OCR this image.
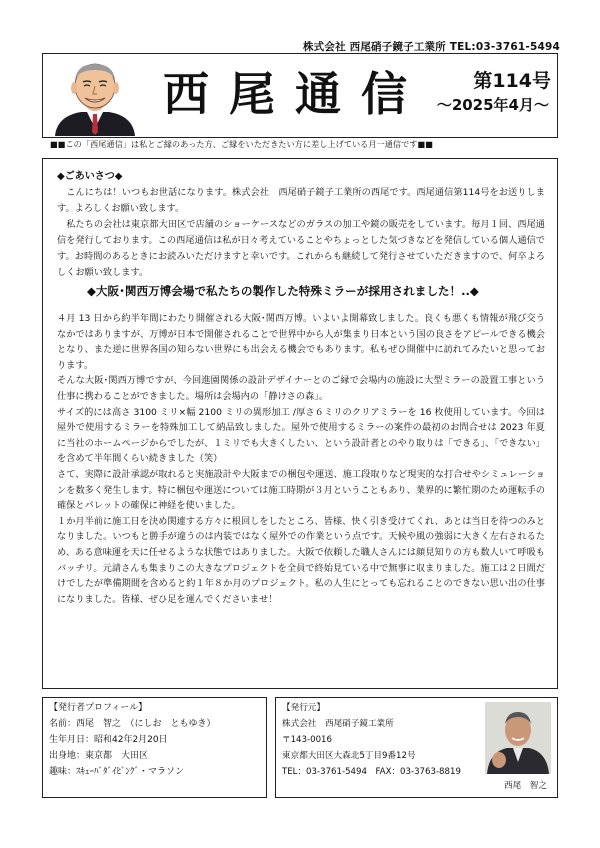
株式会社 西尾硝子鏡子工業所 TEL:03-3761-5494
西尾通信 第114号
～2025年4月～
■■この「西尾通信」は私とご縁のあった方、ご縁をいただきたい方に差し上げている月一通信です■■
◆ごあいさつ◆

こんにちは！いつもお世話になります。株式会社　西尾硝子鏡子工業所の西尾です。西尾通信第114号をお送りします。よろしくお願い致します。

私たちの会社は東京都大田区で店舗のショーケースなどのガラスの加工や鏡の販売をしています。毎月１回、西尾通信を発行しております。この西尾通信は私が日々考えていることやちょっとした気づきなどを発信している個人通信です。お時間のあるときにお読みいただけますと幸いです。これからも継続して発行させていただきますので、何卒よろしくお願い致します。

◆大阪･関西万博会場で私たちの製作した特殊ミラーが採用されました！..◆

４月 13 日から約半年間にわたり開催される大阪･関西万博。いよいよ開幕致しました。良くも悪くも情報が飛び交うなかではありますが、万博が日本で開催されることで世界中から人が集まり日本という国の良さをアピールできる機会となり、また逆に世界各国の知らない世界にも出会える機会でもあります。私もぜひ開催中に訪れてみたいと思っております。

そんな大阪･関西万博ですが、今回進園関係の設計デザイナーとのご縁で会場内の施設に大型ミラーの設置工事という仕事に携わることができました。場所は会場内の「静けさの森」。

サイズ的には高さ 3100 ミリ×幅 2100 ミリの異形加工 /厚さ６ミリのクリアミラーを 16 枚使用しています。今回は屋外で使用するミラーを特殊加工して納品致しました。屋外で使用するミラーの案件の最初のお問合せは 2023 年夏に当社のホームページからでしたが、１ミリでも大きくしたい、という設計者とのやり取りは「できる」、「できない」を含めて半年間くらい続きました（笑）

さて、実際に設計承認が取れると実施設計や大阪までの梱包や運送、施工段取りなど現実的な打合せやシミュレーションを数多く発生します。特に梱包や運送については施工時期が３月ということもあり、業界的に繁忙期のため運転手の確保とパレットの確保に神経を使いました。

１か月半前に施工日を決め関連する方々に根回しをしたところ、皆様、快く引き受けてくれ、あとは当日を待つのみとなりました。いつもと勝手が違うのは内装ではなく屋外での作業という点です。天候や風の強弱に大きく左右されるため、ある意味運を天に任せるような状態ではありました。大阪で依頼した職人さんには顔見知りの方も数人いて呼吸もバッチリ。元請さんも集まりこの大きなプロジェクトを全員で終始見ている中で無事に収まりました。施工は２日間だけでしたが準備期間を含めると約１年８か月のプロジェクト。私の人生にとっても忘れることのできない思い出の仕事になりました。皆様、ぜひ足を運んでくださいませ！

【発行者プロフィール】
名前：西尾　智之　（にしお　ともゆき）
生年月日：昭和42年2月20日
出身地：東京都　大田区
趣味：ｽｷｭｰﾊﾞﾀﾞｲﾋﾞﾝｸﾞ・マラソン
【発行元】
株式会社　西尾硝子鏡工業所
〒143-0016
東京都大田区大森北5丁目9番12号
TEL：03-3761-5494　FAX：03-3763-8819
西尾　智之
